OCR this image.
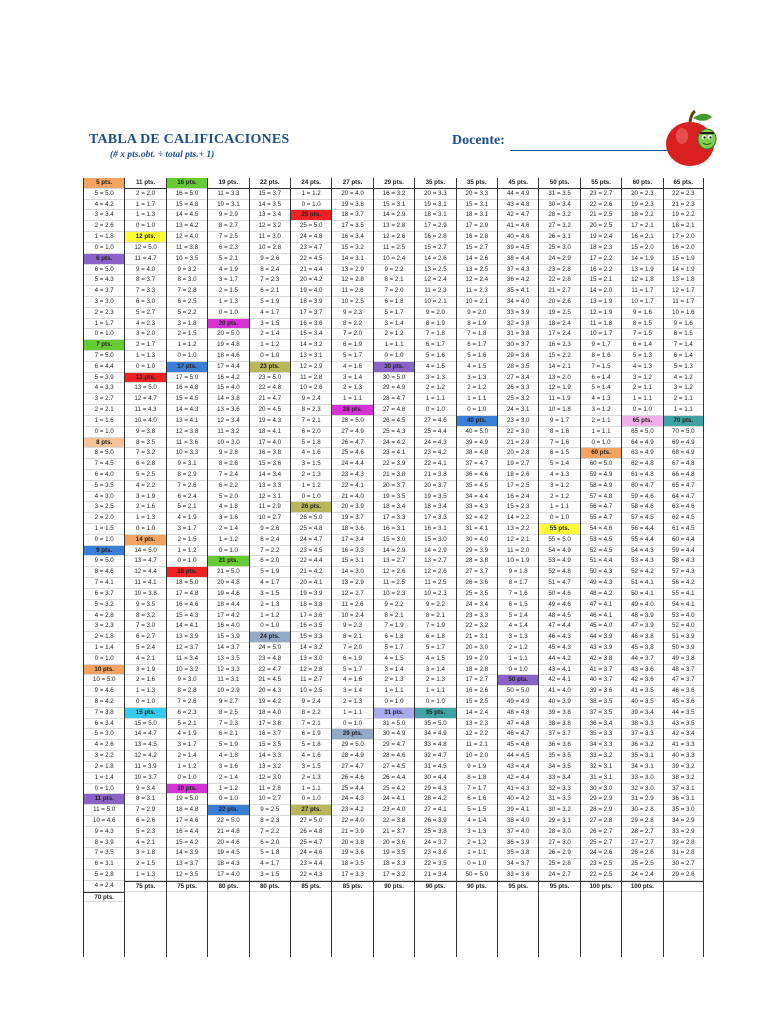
TABLA DE CALIFICACIONES
(# x pts.obt. ÷ total pts.+ 1)
Docente:
5 pts.
5 = 5.0
4 = 4.2
3 = 3.4
2 = 2.6
1 = 1.8
0 = 1.0
6 pts.
6 = 5.0
5 = 4.3
4 = 3.7
3 = 3.0
2 = 2.3
1 = 1.7
0 = 1.0
7 pts.
7 = 5.0
6 = 4.4
5 = 3.9
4 = 3.3
3 = 2.7
2 = 2.1
1 = 1.6
0 = 1.0
8 pts.
8 = 5.0
7 = 4.5
6 = 4.0
5 = 3.5
4 = 3.0
3 = 2.5
2 = 2.0
1 = 1.5
0 = 1.0
9 pts.
9 = 5.0
8 = 4.6
7 = 4.1
6 = 3.7
5 = 3.2
4 = 2.8
3 = 2.3
2 = 1.8
1 = 1.4
0 = 1.0
10 pts.
10 = 5.0
9 = 4.6
8 = 4.2
7 = 3.8
6 = 3.4
5 = 3.0
4 = 2.6
3 = 2.2
2 = 1.8
1 = 1.4
0 = 1.0
11 pts.
11 = 5.0
10 = 4.6
9 = 4.3
8 = 3.9
7 = 3.5
6 = 3.1
5 = 2.8
4 = 2.4
70 pts.
11 pts.
2 = 2.0
1 = 1.7
1 = 1.3
0 = 1.0
12 pts.
12 = 5.0
11 = 4.7
9 = 4.0
8 = 3.7
7 = 3.3
6 = 3.0
5 = 2.7
4 = 2.3
3 = 2.0
2 = 1.7
1 = 1.3
0 = 1.0
13 pts.
13 = 5.0
12 = 4.7
11 = 4.3
10 = 4.0
9 = 3.8
8 = 3.5
7 = 3.2
6 = 2.8
5 = 2.5
4 = 2.2
3 = 1.9
2 = 1.6
1 = 1.3
0 = 1.0
14 pts.
14 = 5.0
13 = 4.7
12 = 4.4
11 = 4.1
10 = 3.8
9 = 3.5
8 = 3.2
7 = 3.0
6 = 2.7
5 = 2.4
4 = 2.1
3 = 1.9
2 = 1.6
1 = 1.3
0 = 1.0
15 pts.
15 = 5.0
14 = 4.7
13 = 4.5
12 = 4.2
11 = 3.9
10 = 3.7
9 = 3.4
8 = 3.1
7 = 2.9
6 = 2.6
5 = 2.3
4 = 2.1
3 = 1.8
2 = 1.5
1 = 1.3
75 pts.
16 pts.
16 = 5.0
15 = 4.8
14 = 4.5
13 = 4.2
12 = 4.0
11 = 3.8
10 = 3.5
9 = 3.2
8 = 3.0
7 = 2.8
6 = 2.5
5 = 2.2
3 = 1.8
2 = 1.5
1 = 1.2
0 = 1.0
17 pts.
17 = 5.0
16 = 4.8
15 = 4.5
14 = 4.3
13 = 4.1
12 = 3.8
11 = 3.6
10 = 3.3
9 = 3.1
8 = 2.9
7 = 2.6
6 = 2.4
5 = 2.1
4 = 1.9
3 = 1.7
2 = 1.5
1 = 1.2
0 = 1.0
18 pts.
18 = 5.0
17 = 4.8
16 = 4.6
15 = 4.3
14 = 4.1
13 = 3.9
12 = 3.7
11 = 3.4
10 = 3.2
9 = 3.0
8 = 2.8
7 = 2.6
6 = 2.3
5 = 2.1
4 = 1.9
3 = 1.7
2 = 1.4
1 = 1.2
0 = 1.0
19 pts.
19 = 5.0
18 = 4.8
17 = 4.6
16 = 4.4
15 = 4.2
14 = 3.9
13 = 3.7
12 = 3.5
75 pts.
19 pts.
11 = 3.3
10 = 3.1
9 = 2.9
8 = 2.7
7 = 2.5
6 = 2.3
5 = 2.1
4 = 1.9
3 = 1.7
2 = 1.5
1 = 1.3
0 = 1.0
20 pts.
20 = 5.0
19 = 4.8
18 = 4.6
17 = 4.4
16 = 4.2
15 = 4.0
14 = 3.8
13 = 3.6
12 = 3.4
11 = 3.2
10 = 3.0
9 = 2.8
8 = 2.6
7 = 2.4
6 = 2.2
5 = 2.0
4 = 1.8
3 = 1.6
2 = 1.4
1 = 1.2
0 = 1.0
21 pts.
21 = 5.0
20 = 4.8
19 = 4.6
18 = 4.4
17 = 4.2
16 = 4.0
15 = 3.9
14 = 3.7
13 = 3.5
12 = 3.3
11 = 3.1
10 = 2.9
9 = 2.7
8 = 2.5
7 = 2.3
6 = 2.1
5 = 1.9
4 = 1.8
3 = 1.6
2 = 1.4
1 = 1.2
0 = 1.0
22 pts.
22 = 5.0
21 = 4.8
20 = 4.6
19 = 4.5
18 = 4.3
17 = 4.0
80 pts.
22 pts.
15 = 3.7
14 = 3.5
13 = 3.4
12 = 3.2
11 = 3.0
10 = 2.8
9 = 2.6
8 = 2.4
7 = 2.3
6 = 2.1
5 = 1.9
4 = 1.7
3 = 1.5
2 = 1.4
1 = 1.2
0 = 1.0
23 pts.
23 = 5.0
22 = 4.8
21 = 4.7
20 = 4.5
19 = 4.3
18 = 4.1
17 = 4.0
16 = 3.8
15 = 3.6
14 = 3.4
13 = 3.3
12 = 3.1
11 = 2.9
10 = 2.7
9 = 2.6
8 = 2.4
7 = 2.2
6 = 2.0
5 = 1.9
4 = 1.7
3 = 1.5
2 = 1.3
1 = 1.2
0 = 1.0
24 pts.
24 = 5.0
23 = 4.8
22 = 4.7
21 = 4.5
20 = 4.3
19 = 4.2
18 = 4.0
17 = 3.8
16 = 3.7
15 = 3.5
14 = 3.3
13 = 3.2
12 = 3.0
11 = 2.8
10 = 2.7
9 = 2.5
8 = 2.3
7 = 2.2
6 = 2.0
5 = 1.8
4 = 1.7
3 = 1.5
80 pts.
24 pts.
1 = 1.2
0 = 1.0
25 pts.
25 = 5.0
24 = 4.8
23 = 4.7
22 = 4.5
21 = 4.4
20 = 4.2
19 = 4.0
18 = 3.9
17 = 3.7
16 = 3.6
15 = 3.4
14 = 3.2
13 = 3.1
12 = 2.9
11 = 2.8
10 = 2.6
9 = 2.4
8 = 2.3
7 = 2.1
6 = 2.0
5 = 1.8
4 = 1.6
3 = 1.5
2 = 1.3
1 = 1.2
0 = 1.0
26 pts.
26 = 5.0
25 = 4.8
24 = 4.7
23 = 4.5
22 = 4.4
21 = 4.2
20 = 4.1
19 = 3.9
18 = 3.8
17 = 3.6
16 = 3.5
15 = 3.3
14 = 3.2
13 = 3.0
12 = 2.8
11 = 2.7
10 = 2.5
9 = 2.4
8 = 2.2
7 = 2.1
6 = 1.9
5 = 1.8
4 = 1.6
3 = 1.5
2 = 1.3
1 = 1.1
0 = 1.0
27 pts.
27 = 5.0
26 = 4.8
25 = 4.7
24 = 4.6
23 = 4.4
22 = 4.3
85 pts.
27 pts.
20 = 4.0
19 = 3.8
18 = 3.7
17 = 3.5
16 = 3.4
15 = 3.2
14 = 3.1
13 = 2.9
12 = 2.8
11 = 2.6
10 = 2.5
9 = 2.3
8 = 2.2
7 = 2.0
6 = 1.9
5 = 1.7
4 = 1.6
3 = 1.4
2 = 1.3
1 = 1.1
28 pts.
28 = 5.0
27 = 4.9
26 = 4.7
25 = 4.6
24 = 4.4
23 = 4.3
22 = 4.1
21 = 4.0
20 = 3.9
19 = 3.7
18 = 3.6
17 = 3.4
16 = 3.3
15 = 3.1
14 = 3.0
13 = 2.9
12 = 2.7
11 = 2.6
10 = 2.4
9 = 2.3
8 = 2.1
7 = 2.0
6 = 1.9
5 = 1.7
4 = 1.6
3 = 1.4
2 = 1.3
1 = 1.1
0 = 1.0
29 pts.
29 = 5.0
28 = 4.9
27 = 4.7
26 = 4.6
25 = 4.4
24 = 4.3
23 = 4.2
22 = 4.0
21 = 3.9
20 = 3.8
19 = 3.6
18 = 3.5
17 = 3.3
85 pts.
29 pts.
16 = 3.2
15 = 3.1
14 = 2.9
13 = 2.8
12 = 2.6
11 = 2.5
10 = 2.4
9 = 2.2
8 = 2.1
7 = 2.0
6 = 1.8
5 = 1.7
3 = 1.4
2 = 1.2
1 = 1.1
0 = 1.0
30 pts.
30 = 5.0
29 = 4.9
28 = 4.7
27 = 4.6
26 = 4.5
25 = 4.3
24 = 4.2
23 = 4.1
22 = 3.9
21 = 3.8
20 = 3.7
19 = 3.5
18 = 3.4
17 = 3.3
16 = 3.1
15 = 3.0
14 = 2.9
13 = 2.7
12 = 2.6
11 = 2.5
10 = 2.3
9 = 2.2
8 = 2.1
7 = 1.9
6 = 1.8
5 = 1.7
4 = 1.5
3 = 1.4
2 = 1.3
1 = 1.1
0 = 1.0
31 pts.
31 = 5.0
30 = 4.9
29 = 4.7
28 = 4.6
27 = 4.5
26 = 4.4
25 = 4.2
24 = 4.1
23 = 4.0
22 = 3.8
21 = 3.7
20 = 3.6
19 = 3.5
18 = 3.3
17 = 3.2
90 pts.
35 pts.
20 = 3.3
19 = 3.1
18 = 3.1
17 = 2.9
16 = 2.8
15 = 2.7
14 = 2.6
13 = 2.5
12 = 2.4
11 = 2.3
10 = 2.1
9 = 2.0
8 = 1.9
7 = 1.8
6 = 1.7
5 = 1.6
4 = 1.5
3 = 1.3
2 = 1.2
1 = 1.1
0 = 1.0
27 = 4.6
25 = 4.4
24 = 4.3
23 = 4.2
22 = 4.1
21 = 3.8
20 = 3.7
19 = 3.5
18 = 3.4
17 = 3.3
16 = 3.1
15 = 3.0
14 = 2.9
13 = 2.7
12 = 2.6
11 = 2.5
10 = 2.3
9 = 2.2
8 = 2.1
7 = 1.9
6 = 1.8
5 = 1.7
4 = 1.5
3 = 1.4
2 = 1.3
1 = 1.1
0 = 1.0
35 pts.
35 = 5.0
34 = 4.9
33 = 4.8
32 = 4.7
31 = 4.5
30 = 4.4
29 = 4.3
28 = 4.2
27 = 4.1
26 = 3.9
25 = 3.8
24 = 3.7
23 = 3.6
22 = 3.5
21 = 3.4
90 pts.
35 pts.
20 = 3.3
15 = 3.1
18 = 3.1
17 = 2.9
16 = 2.8
15 = 2.7
14 = 2.6
13 = 2.5
12 = 2.4
11 = 2.3
10 = 2.1
9 = 2.0
8 = 1.9
7 = 1.8
6 = 1.7
5 = 1.6
4 = 1.5
3 = 1.3
2 = 1.2
1 = 1.1
0 = 1.0
40 pts.
40 = 5.0
39 = 4.9
38 = 4.8
37 = 4.7
36 = 4.6
35 = 4.5
34 = 4.4
33 = 4.3
32 = 4.2
31 = 4.1
30 = 4.0
29 = 3.9
28 = 3.8
27 = 3.7
26 = 3.6
25 = 3.5
24 = 3.4
23 = 3.3
22 = 3.2
21 = 3.1
20 = 3.0
19 = 2.9
18 = 2.8
17 = 2.7
16 = 2.6
15 = 2.5
14 = 2.4
13 = 2.3
12 = 2.2
11 = 2.1
10 = 2.0
9 = 1.9
8 = 1.8
7 = 1.7
6 = 1.6
5 = 1.5
4 = 1.4
3 = 1.3
2 = 1.2
1 = 1.1
0 = 1.0
50 = 5.0
90 pts.
45 pts.
44 = 4.9
43 = 4.8
42 = 4.7
41 = 4.6
40 = 4.6
39 = 4.5
38 = 4.4
37 = 4.3
36 = 4.2
35 = 4.1
34 = 4.0
33 = 3.9
32 = 3.8
31 = 3.8
30 = 3.7
29 = 3.6
28 = 3.5
27 = 3.4
26 = 3.3
25 = 3.2
24 = 3.1
23 = 3.0
22 = 3.0
21 = 2.9
20 = 2.8
19 = 2.7
18 = 2.6
17 = 2.5
16 = 2.4
15 = 2.3
14 = 2.2
13 = 2.2
12 = 2.1
11 = 2.0
10 = 1.9
9 = 1.8
8 = 1.7
7 = 1.6
6 = 1.5
5 = 1.4
4 = 1.4
3 = 1.3
2 = 1.2
1 = 1.1
0 = 1.0
50 pts.
50 = 5.0
49 = 4.9
48 = 4.8
47 = 4.8
46 = 4.7
45 = 4.6
44 = 4.5
43 = 4.4
42 = 4.4
41 = 4.3
40 = 4.2
39 = 4.1
38 = 4.0
37 = 4.0
36 = 3.9
35 = 3.8
34 = 3.7
33 = 3.6
95 pts.
50 pts.
31 = 3.5
30 = 3.4
28 = 3.2
27 = 3.2
26 = 3.1
25 = 3.0
24 = 2.9
23 = 2.8
22 = 2.8
21 = 2.7
20 = 2.6
19 = 2.5
18 = 2.4
17 = 2.4
16 = 2.3
15 = 2.2
14 = 2.1
13 = 2.0
12 = 1.9
11 = 1.9
10 = 1.8
9 = 1.7
8 = 1.6
7 = 1.6
6 = 1.5
5 = 1.4
4 = 1.3
3 = 1.2
2 = 1.2
1 = 1.1
0 = 1.0
55 pts.
55 = 5.0
54 = 4.9
53 = 4.9
52 = 4.8
51 = 4.7
50 = 4.6
49 = 4.6
48 = 4.5
47 = 4.4
46 = 4.3
45 = 4.3
44 = 4.2
43 = 4.1
42 = 4.1
41 = 4.0
40 = 3.9
39 = 3.8
38 = 3.8
37 = 3.7
36 = 3.6
35 = 3.5
34 = 3.5
33 = 3.4
32 = 3.3
31 = 3.3
30 = 3.2
29 = 3.1
28 = 3.0
27 = 3.0
26 = 2.9
25 = 2.8
24 = 2.7
95 pts.
55 pts.
23 = 2.7
22 = 2.6
21 = 2.5
20 = 2.5
19 = 2.4
18 = 2.3
17 = 2.2
16 = 2.2
15 = 2.1
14 = 2.0
13 = 1.9
12 = 1.9
11 = 1.8
10 = 1.7
9 = 1.7
8 = 1.6
7 = 1.5
6 = 1.4
5 = 1.4
4 = 1.3
3 = 1.2
2 = 1.1
1 = 1.1
0 = 1.0
60 pts.
60 = 5.0
59 = 4.9
58 = 4.9
57 = 4.8
56 = 4.7
55 = 4.7
54 = 4.6
53 = 4.5
52 = 4.5
51 = 4.4
50 = 4.3
49 = 4.3
48 = 4.2
47 = 4.1
46 = 4.1
45 = 4.0
44 = 3.9
43 = 3.9
42 = 3.8
41 = 3.7
40 = 3.7
39 = 3.6
38 = 3.5
37 = 3.5
36 = 3.4
35 = 3.3
34 = 3.3
33 = 3.2
32 = 3.1
31 = 3.1
30 = 3.0
29 = 2.9
28 = 2.9
27 = 2.8
26 = 2.7
25 = 2.7
24 = 2.6
23 = 2.5
22 = 2.5
100 pts.
60 pts.
20 = 2.3
19 = 2.3
18 = 2.2
17 = 2.1
16 = 2.1
15 = 2.0
14 = 1.9
13 = 1.9
12 = 1.8
11 = 1.7
10 = 1.7
9 = 1.6
8 = 1.5
7 = 1.5
6 = 1.4
5 = 1.3
4 = 1.3
3 = 1.2
2 = 1.1
1 = 1.1
0 = 1.0
65 pts.
65 = 5.0
64 = 4.9
63 = 4.9
62 = 4.8
61 = 4.8
60 = 4.7
59 = 4.6
58 = 4.6
57 = 4.5
56 = 4.4
55 = 4.4
54 = 4.3
53 = 4.3
52 = 4.2
51 = 4.1
50 = 4.1
49 = 4.0
48 = 3.9
47 = 3.9
46 = 3.8
45 = 3.8
44 = 3.7
43 = 3.6
42 = 3.6
41 = 3.5
40 = 3.5
39 = 3.4
38 = 3.3
37 = 3.3
36 = 3.2
35 = 3.1
34 = 3.1
33 = 3.0
32 = 3.0
31 = 2.9
30 = 2.8
29 = 2.8
28 = 2.7
27 = 2.7
26 = 2.6
25 = 2.5
24 = 2.4
100 pts.
65 pts.
22 = 2.3
21 = 2.3
19 = 2.2
18 = 2.1
17 = 2.0
16 = 2.0
15 = 1.9
14 = 1.9
13 = 1.8
12 = 1.7
11 = 1.7
10 = 1.6
9 = 1.6
8 = 1.5
7 = 1.4
6 = 1.4
5 = 1.3
4 = 1.2
3 = 1.2
2 = 1.1
1 = 1.1
70 pts.
70 = 5.0
69 = 4.9
68 = 4.9
67 = 4.8
66 = 4.8
65 = 4.7
64 = 4.7
63 = 4.6
62 = 4.5
61 = 4.5
60 = 4.4
59 = 4.4
58 = 4.3
57 = 4.3
56 = 4.2
55 = 4.1
54 = 4.1
53 = 4.0
52 = 4.0
51 = 3.9
50 = 3.9
49 = 3.8
48 = 3.7
47 = 3.7
46 = 3.6
45 = 3.6
44 = 3.5
43 = 3.5
42 = 3.4
41 = 3.3
40 = 3.3
39 = 3.2
38 = 3.2
37 = 3.1
36 = 3.1
35 = 3.0
34 = 2.9
33 = 2.9
32 = 2.8
31 = 2.8
30 = 2.7
29 = 2.6
